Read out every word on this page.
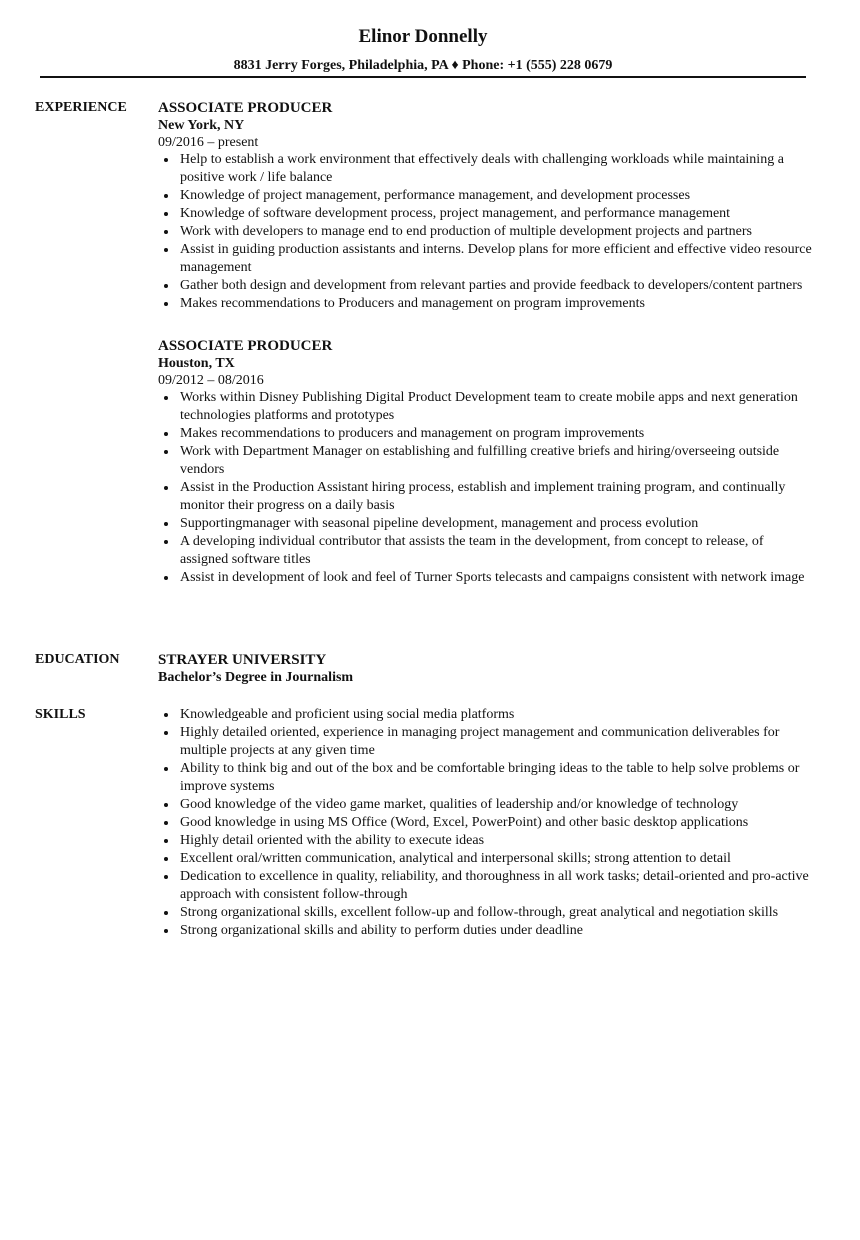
Elinor Donnelly
8831 Jerry Forges, Philadelphia, PA ♦ Phone: +1 (555) 228 0679
EXPERIENCE ASSOCIATE PRODUCER
New York, NY
09/2016 – present
Help to establish a work environment that effectively deals with challenging workloads while maintaining a positive work / life balance
Knowledge of project management, performance management, and development processes
Knowledge of software development process, project management, and performance management
Work with developers to manage end to end production of multiple development projects and partners
Assist in guiding production assistants and interns. Develop plans for more efficient and effective video resource management
Gather both design and development from relevant parties and provide feedback to developers/content partners
Makes recommendations to Producers and management on program improvements
ASSOCIATE PRODUCER
Houston, TX
09/2012 – 08/2016
Works within Disney Publishing Digital Product Development team to create mobile apps and next generation technologies platforms and prototypes
Makes recommendations to producers and management on program improvements
Work with Department Manager on establishing and fulfilling creative briefs and hiring/overseeing outside vendors
Assist in the Production Assistant hiring process, establish and implement training program, and continually monitor their progress on a daily basis
Supportingmanager with seasonal pipeline development, management and process evolution
A developing individual contributor that assists the team in the development, from concept to release, of assigned software titles
Assist in development of look and feel of Turner Sports telecasts and campaigns consistent with network image
EDUCATION	STRAYER UNIVERSITY
Bachelor’s Degree in Journalism
SKILLS	Knowledgeable and proficient using social media platforms
Highly detailed oriented, experience in managing project management and communication deliverables for multiple projects at any given time
Ability to think big and out of the box and be comfortable bringing ideas to the table to help solve problems or improve systems
Good knowledge of the video game market, qualities of leadership and/or knowledge of technology
Good knowledge in using MS Office (Word, Excel, PowerPoint) and other basic desktop applications
Highly detail oriented with the ability to execute ideas
Excellent oral/written communication, analytical and interpersonal skills; strong attention to detail
Dedication to excellence in quality, reliability, and thoroughness in all work tasks; detail-oriented and pro-active approach with consistent follow-through
Strong organizational skills, excellent follow-up and follow-through, great analytical and negotiation skills
Strong organizational skills and ability to perform duties under deadline
